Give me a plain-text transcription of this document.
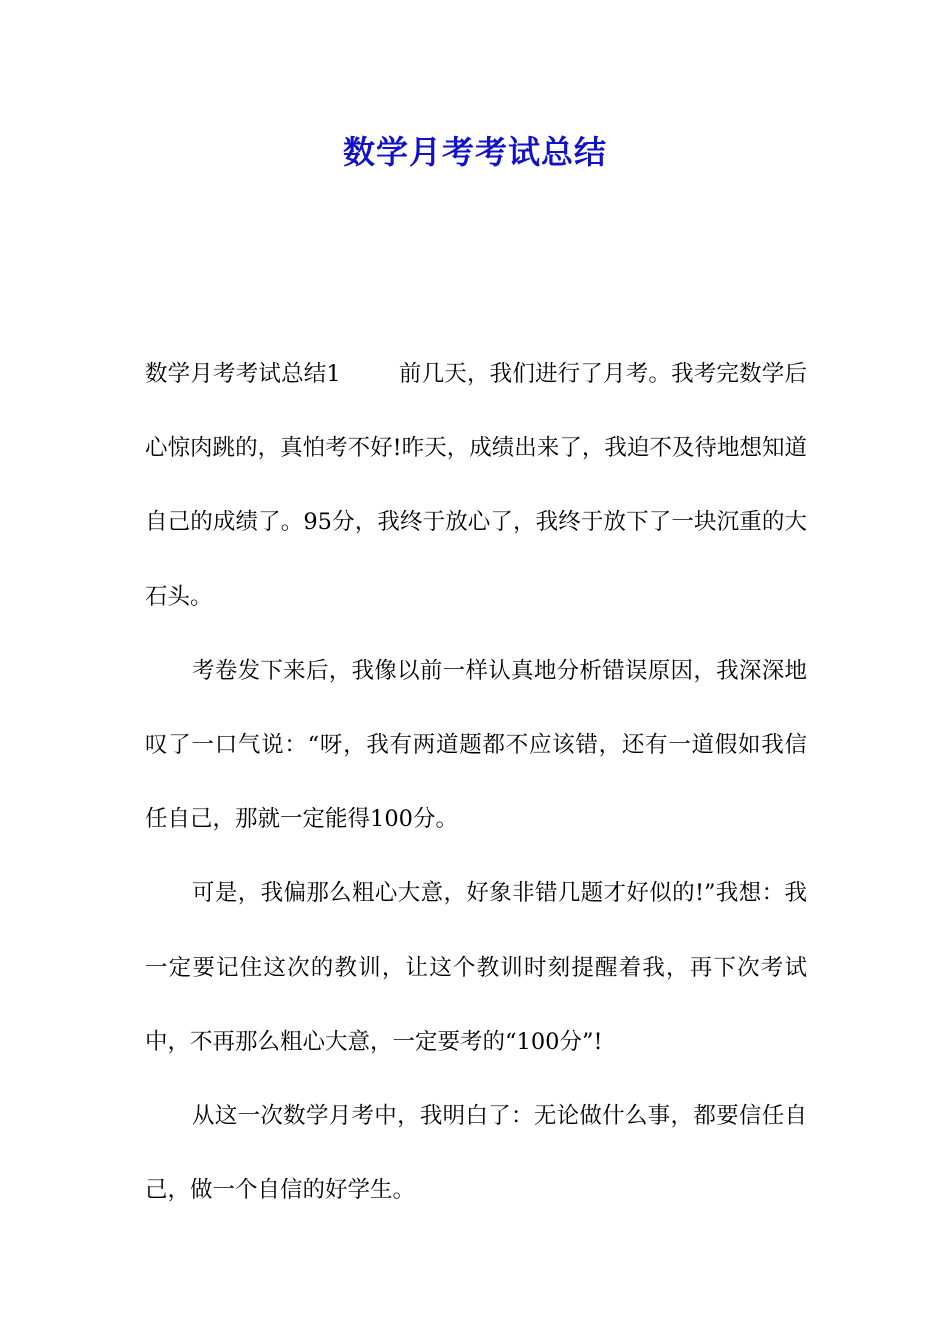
数学月考考试总结

数学月考考试总结1	前几天，我们进行了月考。我考完数学后心惊肉跳的，真怕考不好!昨天，成绩出来了，我迫不及待地想知道自己的成绩了。95分，我终于放心了，我终于放下了一块沉重的大石头。

考卷发下来后，我像以前一样认真地分析错误原因，我深深地叹了一口气说：“呀，我有两道题都不应该错，还有一道假如我信任自己，那就一定能得100分。

可是，我偏那么粗心大意，好象非错几题才好似的!”我想：我一定要记住这次的教训，让这个教训时刻提醒着我，再下次考试中，不再那么粗心大意，一定要考的“100分”!

从这一次数学月考中，我明白了：无论做什么事，都要信任自己，做一个自信的好学生。
